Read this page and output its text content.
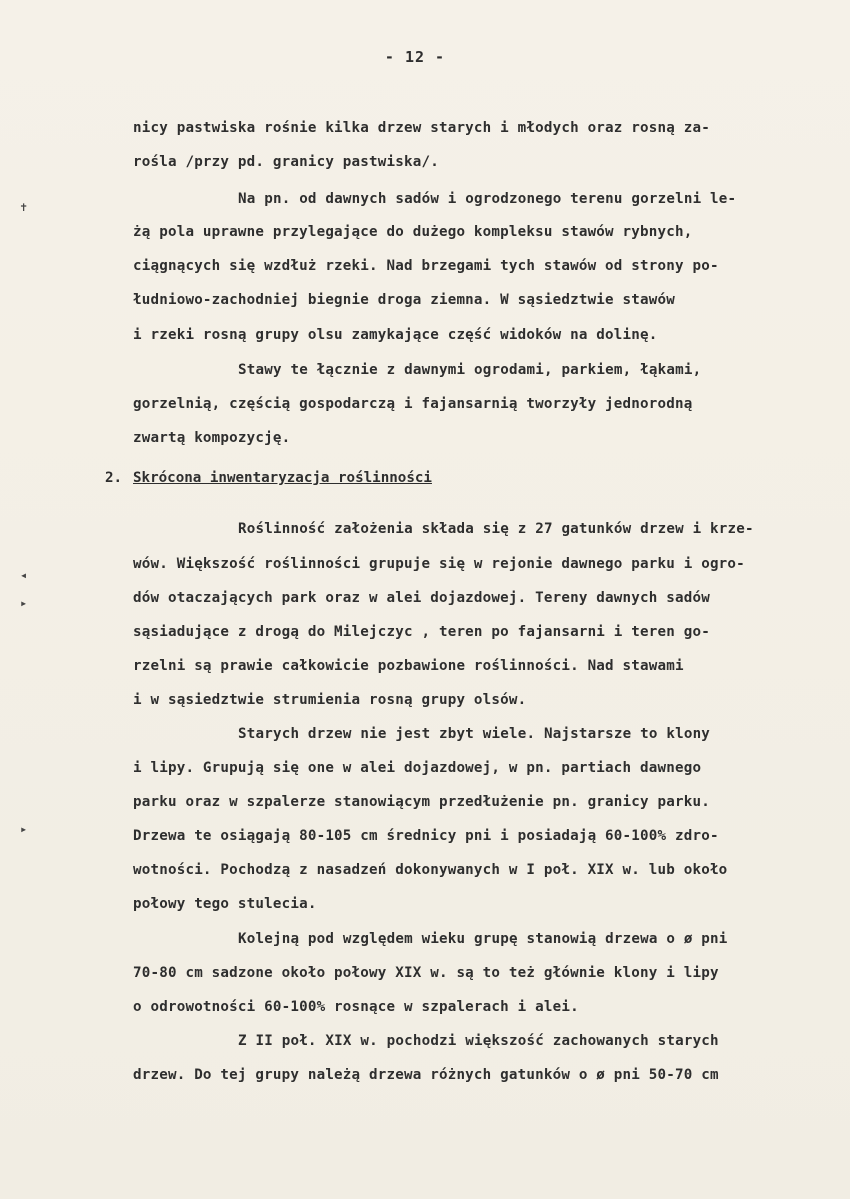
- 12 -
nicy pastwiska rośnie kilka drzew starych i młodych oraz rosną za-
rośla /przy pd. granicy pastwiska/.
Na pn. od dawnych sadów i ogrodzonego terenu gorzelni le-
żą pola uprawne przylegające do dużego kompleksu stawów rybnych,
ciągnących się wzdłuż rzeki. Nad brzegami tych stawów od strony po-
łudniowo-zachodniej biegnie droga ziemna. W sąsiedztwie stawów
i rzeki rosną grupy olsu zamykające część widoków na dolinę.
Stawy te łącznie z dawnymi ogrodami, parkiem, łąkami,
gorzelnią, częścią gospodarczą i fajansarnią tworzyły jednorodną
zwartą kompozycję.
2. Skrócona inwentaryzacja roślinności
Roślinność założenia składa się z 27 gatunków drzew i krze-
wów. Większość roślinności grupuje się w rejonie dawnego parku i ogro-
dów otaczających park oraz w alei dojazdowej. Tereny dawnych sadów
sąsiadujące z drogą do Milejczyc , teren po fajansarni i teren go-
rzelni są prawie całkowicie pozbawione roślinności. Nad stawami
i w sąsiedztwie strumienia rosną grupy olsów.
Starych drzew nie jest zbyt wiele. Najstarsze to klony
i lipy. Grupują się one w alei dojazdowej, w pn. partiach dawnego
parku oraz w szpalerze stanowiącym przedłużenie pn. granicy parku.
Drzewa te osiągają 80-105 cm średnicy pni i posiadają 60-100% zdro-
wotności. Pochodzą z nasadzeń dokonywanych w I poł. XIX w. lub około
połowy tego stulecia.
Kolejną pod względem wieku grupę stanowią drzewa o ø pni
70-80 cm sadzone około połowy XIX w. są to też głównie klony i lipy
o odrowotności 60-100% rosnące w szpalerach i alei.
Z II poł. XIX w. pochodzi większość zachowanych starych
drzew. Do tej grupy należą drzewa różnych gatunków o ø pni 50-70 cm
✝
◂
▸
▸
